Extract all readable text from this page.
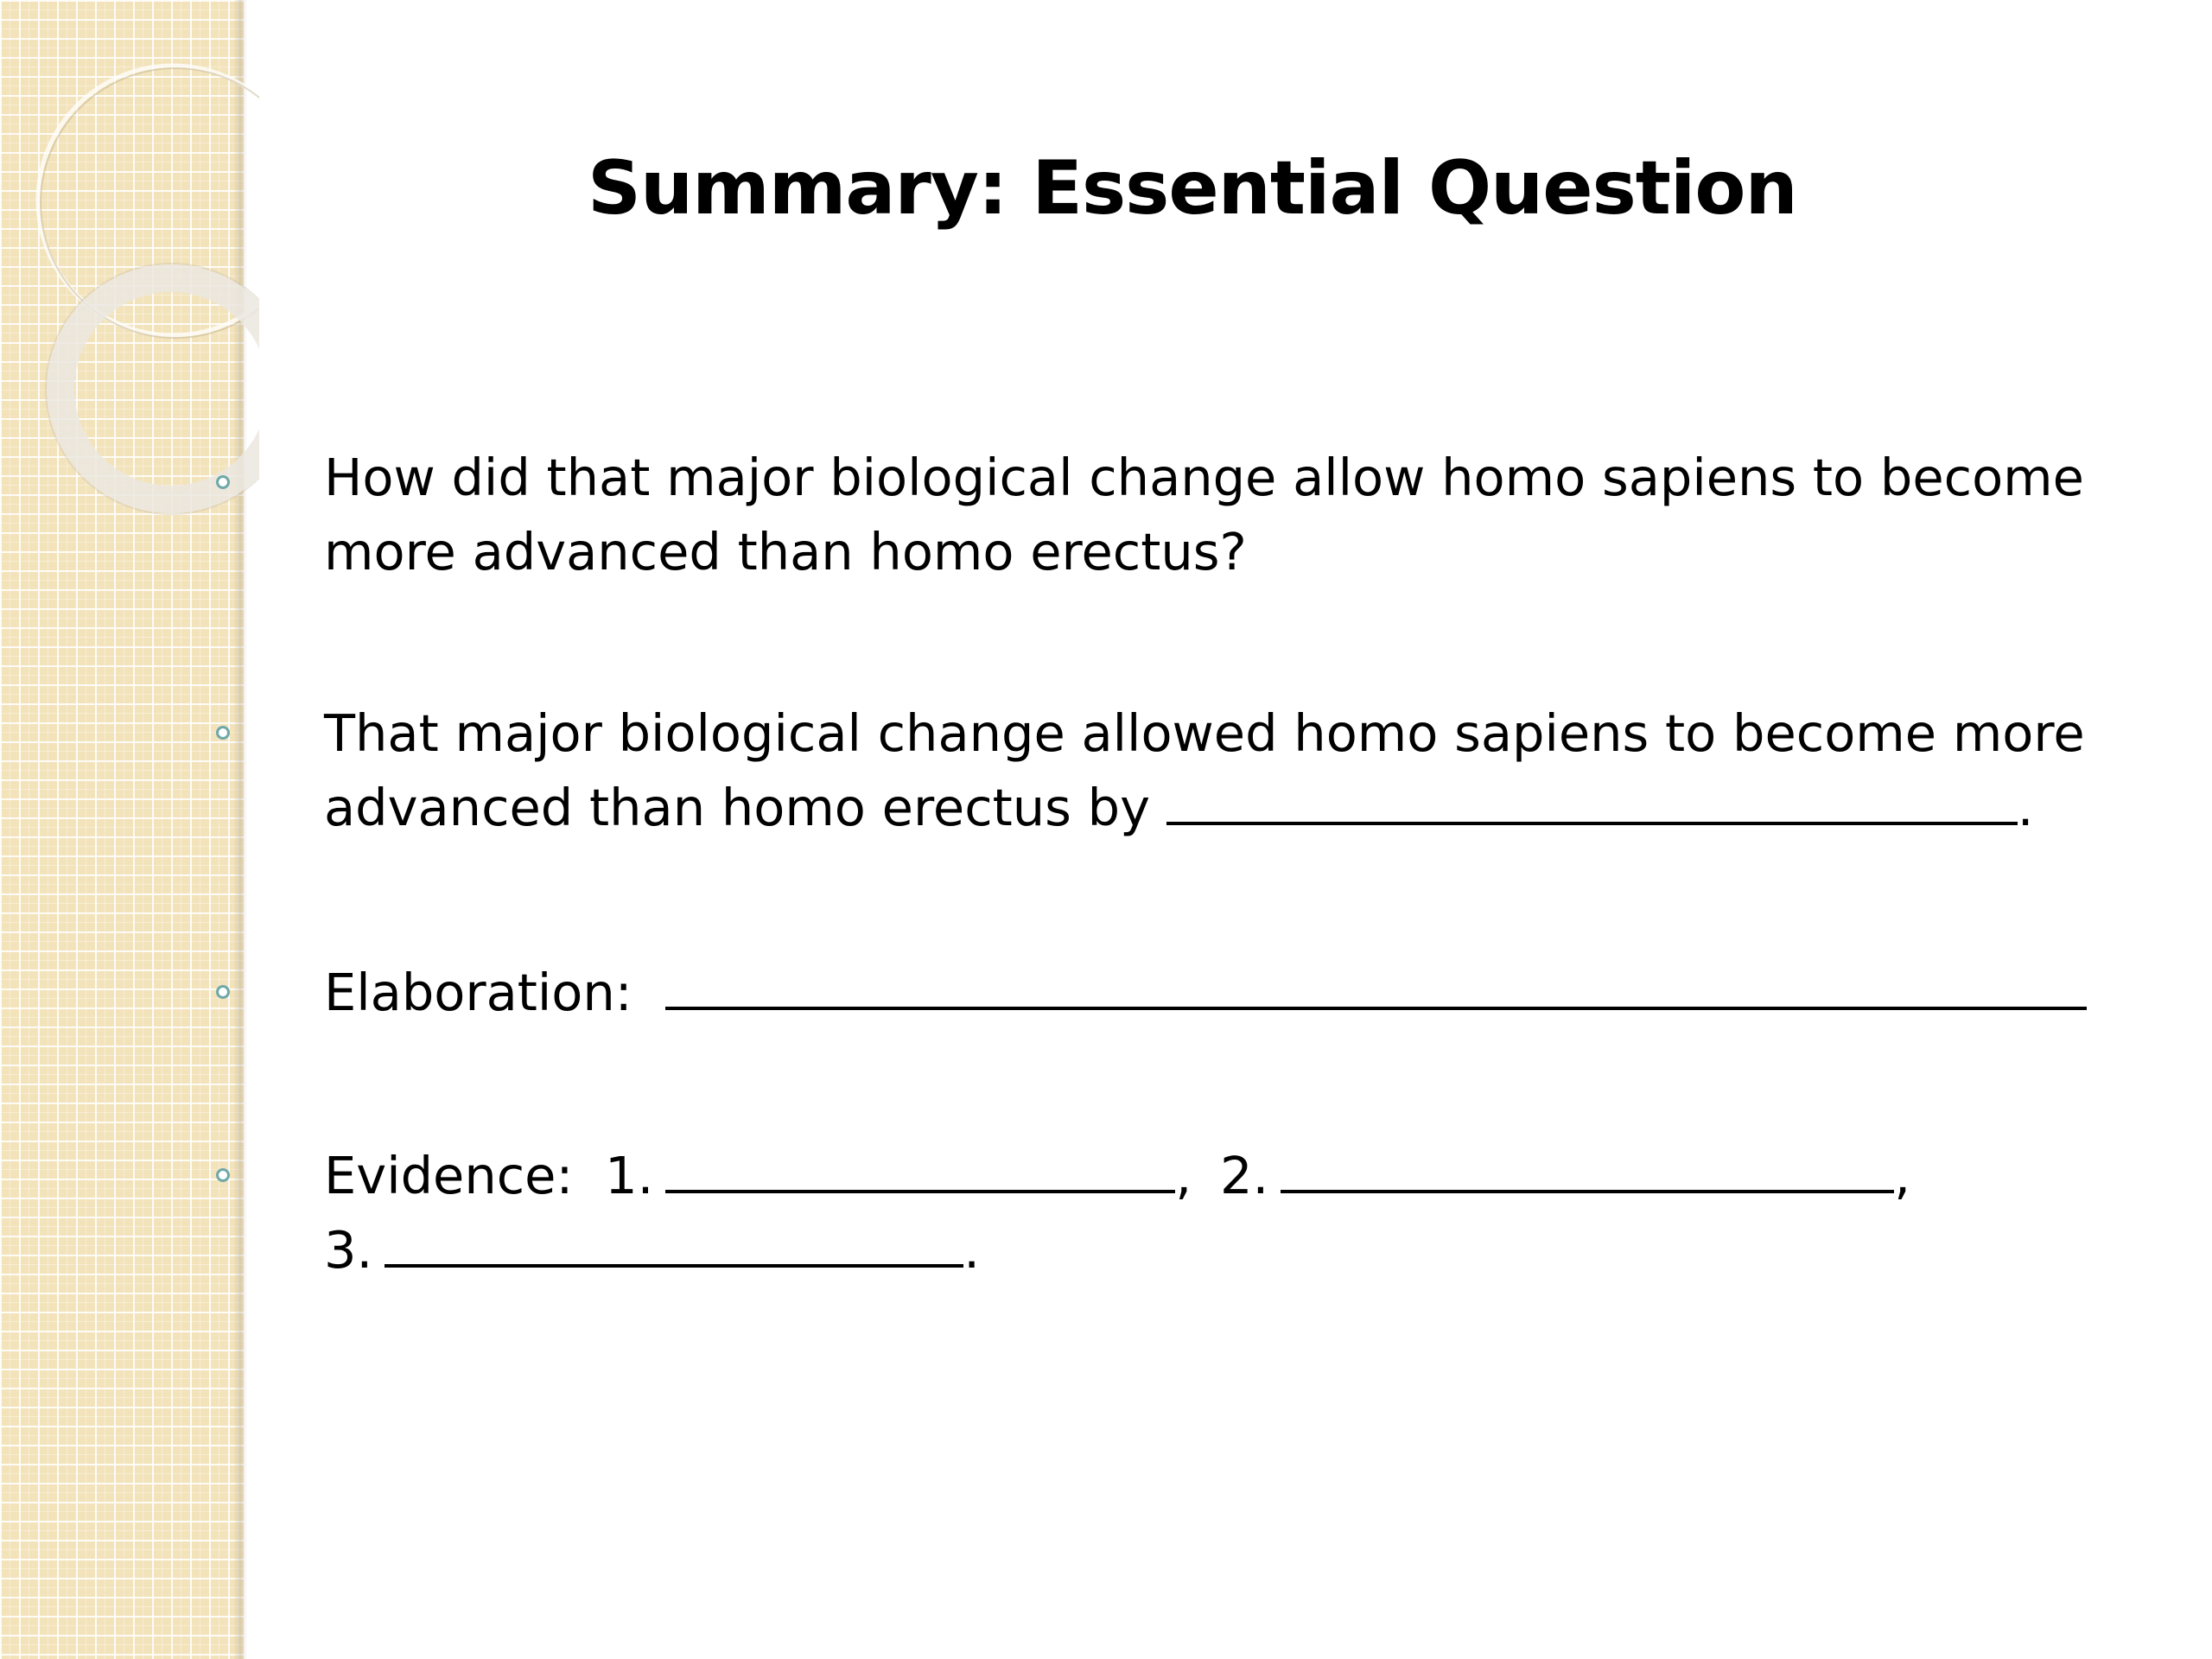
Summary: Essential Question

How did that major biological change allow homo sapiens to become
more advanced than homo erectus?

That major biological change allowed homo sapiens to become more
advanced than homo erectus by	.

Elaboration:

Evidence: 1.	, 2.	,
3.	.
